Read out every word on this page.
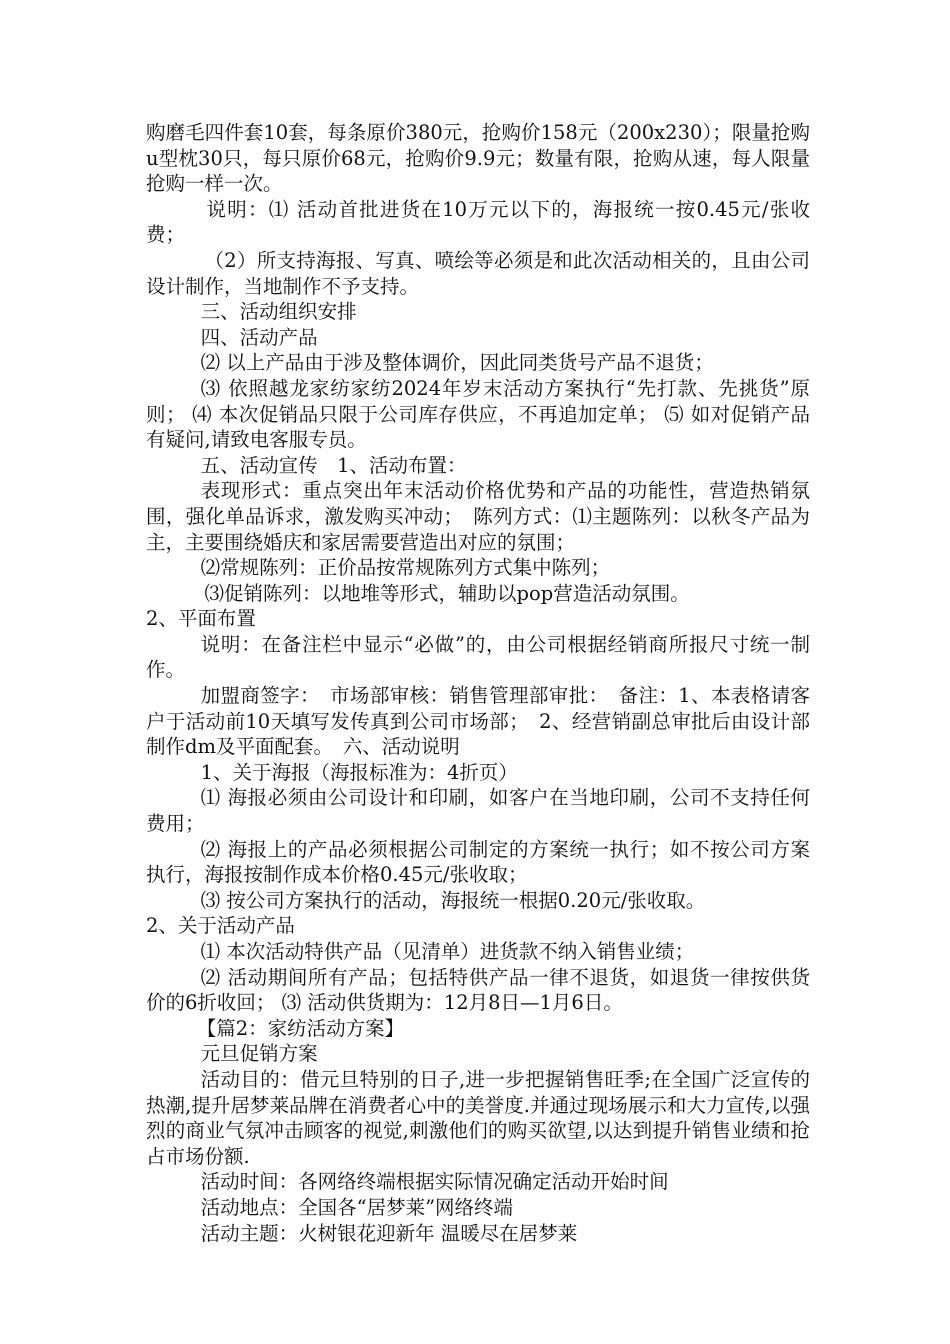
购磨毛四件套10套，每条原价380元，抢购价158元（200x230）；限量抢购u型枕30只，每只原价68元，抢购价9.9元；数量有限，抢购从速，每人限量抢购一样一次。

说明：⑴ 活动首批进货在10万元以下的，海报统一按0.45元/张收费；

（2）所支持海报、写真、喷绘等必须是和此次活动相关的，且由公司设计制作，当地制作不予支持。

三、活动组织安排

四、活动产品

⑵ 以上产品由于涉及整体调价，因此同类货号产品不退货；

⑶ 依照越龙家纺家纺2024年岁末活动方案执行“先打款、先挑货”原则； ⑷ 本次促销品只限于公司库存供应，不再追加定单； ⑸ 如对促销产品有疑问,请致电客服专员。

五、活动宣传　1、活动布置：

表现形式：重点突出年末活动价格优势和产品的功能性，营造热销氛围，强化单品诉求，激发购买冲动；　陈列方式：⑴主题陈列：以秋冬产品为主，主要围绕婚庆和家居需要营造出对应的氛围；

⑵常规陈列：正价品按常规陈列方式集中陈列；

⑶促销陈列：以地堆等形式，辅助以pop营造活动氛围。

2、平面布置

说明：在备注栏中显示“必做”的，由公司根据经销商所报尺寸统一制作。

加盟商签字：　市场部审核：销售管理部审批：　备注：1、本表格请客户于活动前10天填写发传真到公司市场部；　2、经营销副总审批后由设计部制作dm及平面配套。　六、活动说明

1、关于海报（海报标准为：4折页）

⑴ 海报必须由公司设计和印刷，如客户在当地印刷，公司不支持任何费用；

⑵ 海报上的产品必须根据公司制定的方案统一执行；如不按公司方案执行，海报按制作成本价格0.45元/张收取；

⑶ 按公司方案执行的活动，海报统一根据0.20元/张收取。

2、关于活动产品

⑴ 本次活动特供产品（见清单）进货款不纳入销售业绩；

⑵ 活动期间所有产品；包括特供产品一律不退货，如退货一律按供货价的6折收回； ⑶ 活动供货期为：12月8日—1月6日。

【篇2：家纺活动方案】

元旦促销方案

活动目的：借元旦特别的日子,进一步把握销售旺季;在全国广泛宣传的热潮,提升居梦莱品牌在消费者心中的美誉度.并通过现场展示和大力宣传,以强烈的商业气氛冲击顾客的视觉,刺激他们的购买欲望,以达到提升销售业绩和抢占市场份额.

活动时间：各网络终端根据实际情况确定活动开始时间

活动地点：全国各“居梦莱”网络终端

活动主题：火树银花迎新年 温暖尽在居梦莱
